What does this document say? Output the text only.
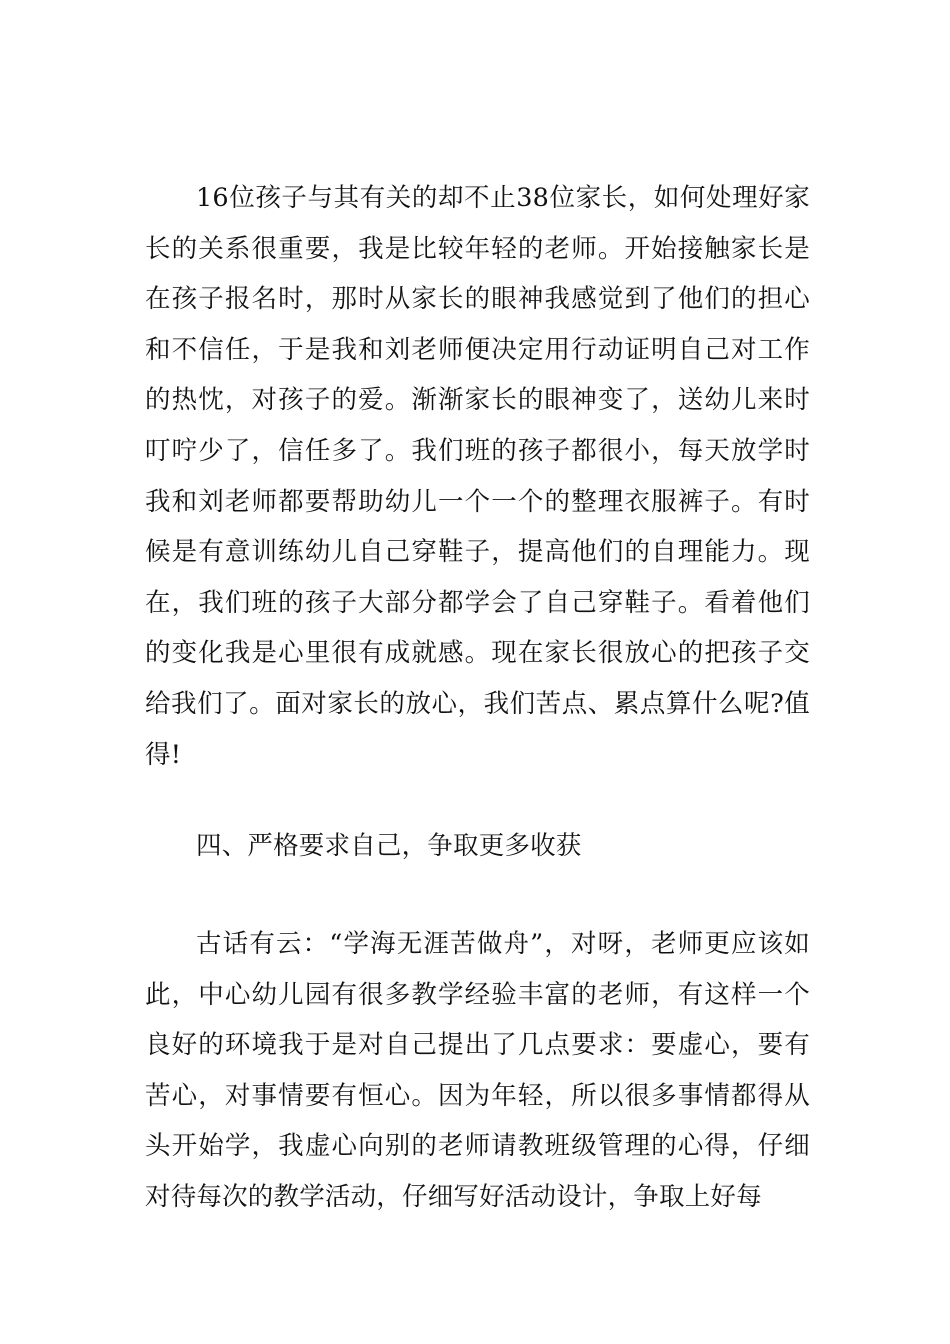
16位孩子与其有关的却不止38位家长，如何处理好家长的关系很重要，我是比较年轻的老师。开始接触家长是在孩子报名时，那时从家长的眼神我感觉到了他们的担心和不信任，于是我和刘老师便决定用行动证明自己对工作的热忱，对孩子的爱。渐渐家长的眼神变了，送幼儿来时叮咛少了，信任多了。我们班的孩子都很小，每天放学时我和刘老师都要帮助幼儿一个一个的整理衣服裤子。有时候是有意训练幼儿自己穿鞋子，提高他们的自理能力。现在，我们班的孩子大部分都学会了自己穿鞋子。看着他们的变化我是心里很有成就感。现在家长很放心的把孩子交给我们了。面对家长的放心，我们苦点、累点算什么呢?值得!

四、严格要求自己，争取更多收获

古话有云：“学海无涯苦做舟”，对呀，老师更应该如此，中心幼儿园有很多教学经验丰富的老师，有这样一个良好的环境我于是对自己提出了几点要求：要虚心，要有苦心，对事情要有恒心。因为年轻，所以很多事情都得从头开始学，我虚心向别的老师请教班级管理的心得，仔细对待每次的教学活动，仔细写好活动设计，争取上好每
